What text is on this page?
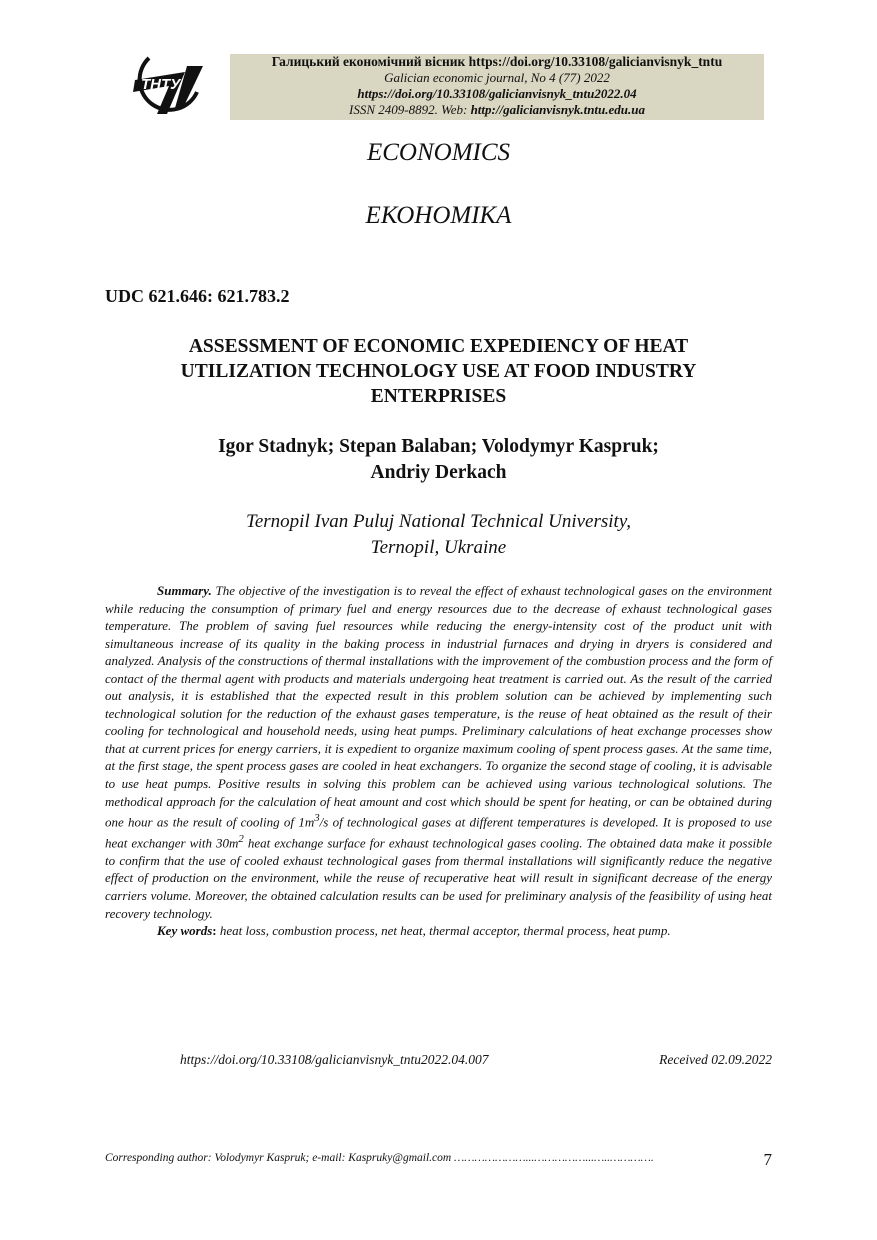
ТНТУ
Галицький економічний вісник https://doi.org/10.33108/galicianvisnyk_tntu
Galician economic journal, No 4 (77) 2022
https://doi.org/10.33108/galicianvisnyk_tntu2022.04
ISSN 2409-8892. Web: http://galicianvisnyk.tntu.edu.ua
ECONOMICS
ЕКОНОМІКА
UDC 621.646: 621.783.2
ASSESSMENT OF ECONOMIC EXPEDIENCY OF HEAT UTILIZATION TECHNOLOGY USE AT FOOD INDUSTRY ENTERPRISES
Igor Stadnyk; Stepan Balaban; Volodymyr Kaspruk;
Andriy Derkach
Ternopil Ivan Puluj National Technical University,
Ternopil, Ukraine

Summary. The objective of the investigation is to reveal the effect of exhaust technological gases on the environment while reducing the consumption of primary fuel and energy resources due to the decrease of exhaust technological gases temperature. The problem of saving fuel resources while reducing the energy-intensity cost of the product unit with simultaneous increase of its quality in the baking process in industrial furnaces and drying in dryers is considered and analyzed. Analysis of the constructions of thermal installations with the improvement of the combustion process and the form of contact of the thermal agent with products and materials undergoing heat treatment is carried out. As the result of the carried out analysis, it is established that the expected result in this problem solution can be achieved by implementing such technological solution for the reduction of the exhaust gases temperature, is the reuse of heat obtained as the result of their cooling for technological and household needs, using heat pumps. Preliminary calculations of heat exchange processes show that at current prices for energy carriers, it is expedient to organize maximum cooling of spent process gases. At the same time, at the first stage, the spent process gases are cooled in heat exchangers. To organize the second stage of cooling, it is advisable to use heat pumps. Positive results in solving this problem can be achieved using various technological solutions. The methodical approach for the calculation of heat amount and cost which should be spent for heating, or can be obtained during one hour as the result of cooling of $1m^3/s$ of technological gases at different temperatures is developed. It is proposed to use heat exchanger with $30m^2$ heat exchange surface for exhaust technological gases cooling. The obtained data make it possible to confirm that the use of cooled exhaust technological gases from thermal installations will significantly reduce the negative effect of production on the environment, while the reuse of recuperative heat will result in significant decrease of the energy carriers volume. Moreover, the obtained calculation results can be used for preliminary analysis of the feasibility of using heat recovery technology.

Key words: heat loss, combustion process, net heat, thermal acceptor, thermal process, heat pump.

https://doi.org/10.33108/galicianvisnyk_tntu2022.04.007	Received 02.09.2022
Corresponding author: Volodymyr Kaspruk; e-mail: Kaspruky@gmail.com …………………...……………...…..………….	7
